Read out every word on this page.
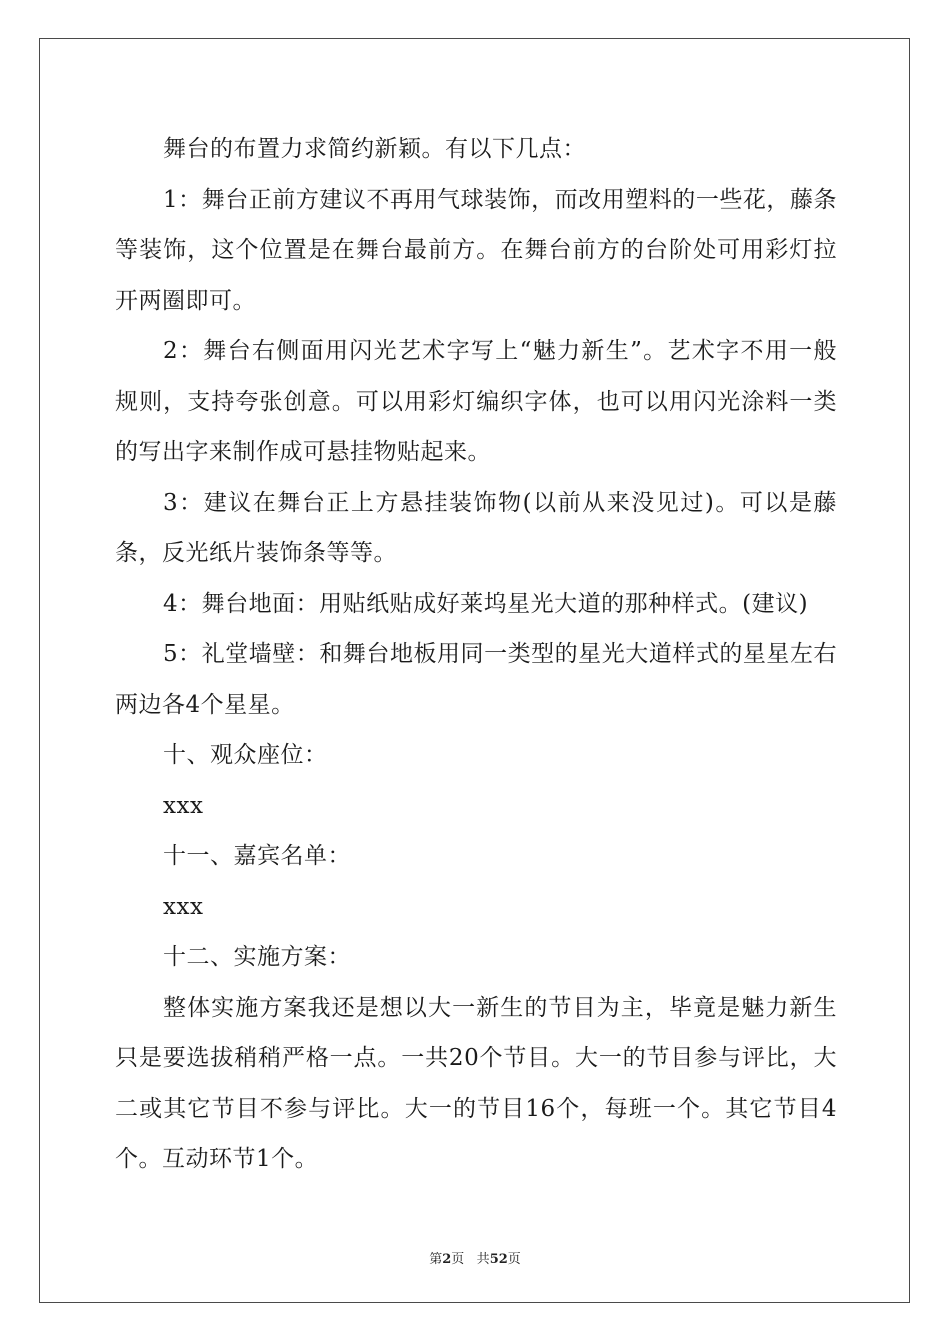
舞台的布置力求简约新颖。有以下几点：

1：舞台正前方建议不再用气球装饰，而改用塑料的一些花，藤条等装饰，这个位置是在舞台最前方。在舞台前方的台阶处可用彩灯拉开两圈即可。

2：舞台右侧面用闪光艺术字写上“魅力新生”。艺术字不用一般规则，支持夸张创意。可以用彩灯编织字体，也可以用闪光涂料一类的写出字来制作成可悬挂物贴起来。

3：建议在舞台正上方悬挂装饰物(以前从来没见过)。可以是藤条，反光纸片装饰条等等。

4：舞台地面：用贴纸贴成好莱坞星光大道的那种样式。(建议)

5：礼堂墙壁：和舞台地板用同一类型的星光大道样式的星星左右两边各4个星星。

十、观众座位：

xxx

十一、嘉宾名单：

xxx

十二、实施方案：

整体实施方案我还是想以大一新生的节目为主，毕竟是魅力新生只是要选拔稍稍严格一点。一共20个节目。大一的节目参与评比，大二或其它节目不参与评比。大一的节目16个，每班一个。其它节目4个。互动环节1个。

第2页 共52页
